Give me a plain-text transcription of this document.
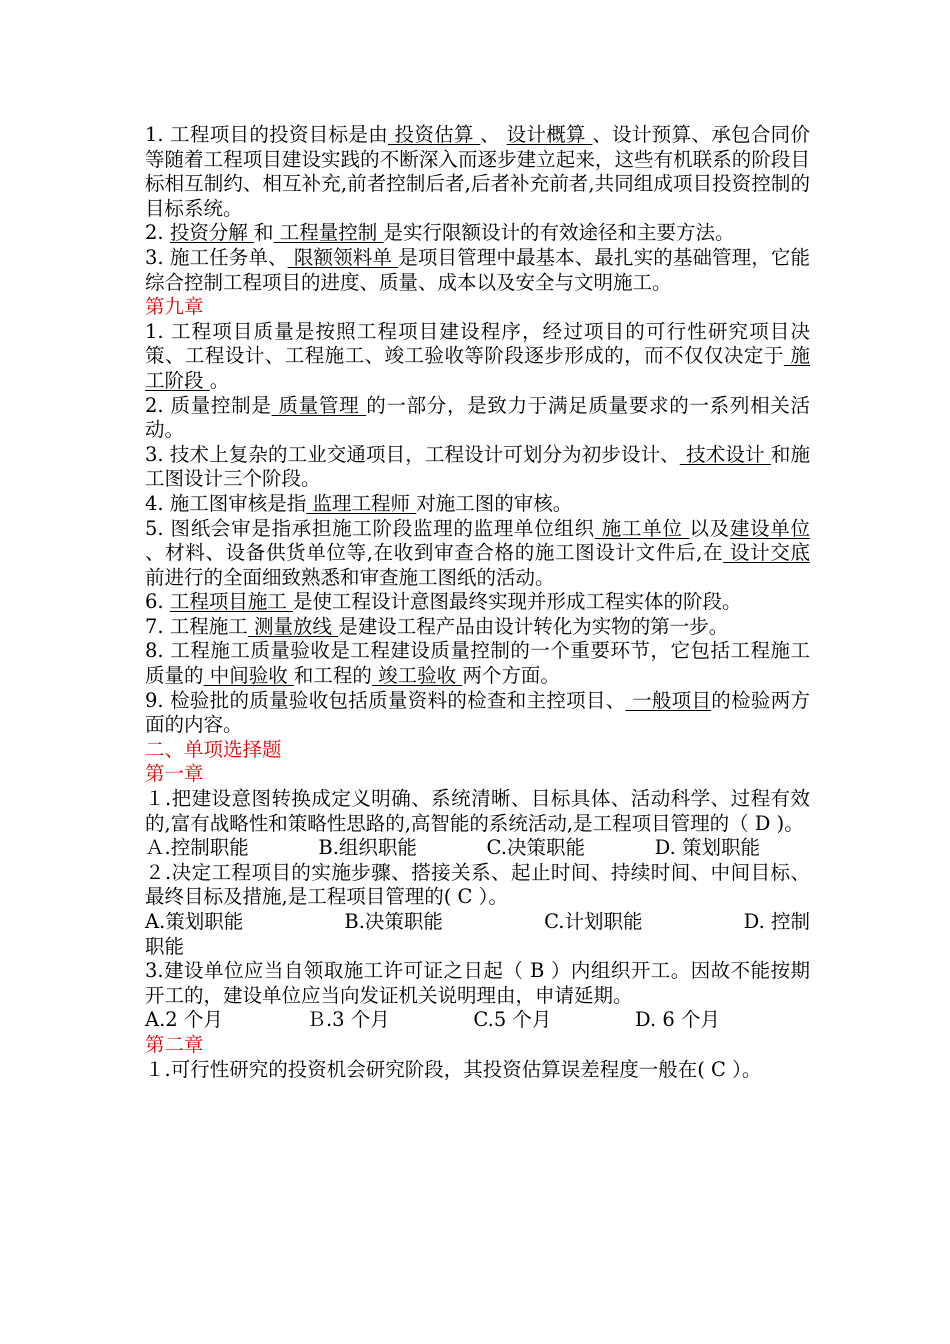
1. 工程项目的投资目标是由 投资估算 、 设计概算 、设计预算、承包合同价等随着工程项目建设实践的不断深入而逐步建立起来，这些有机联系的阶段目标相互制约、相互补充,前者控制后者,后者补充前者,共同组成项目投资控制的目标系统。

2. 投资分解 和 工程量控制 是实行限额设计的有效途径和主要方法。

3. 施工任务单、 限额领料单 是项目管理中最基本、最扎实的基础管理，它能综合控制工程项目的进度、质量、成本以及安全与文明施工。

第九章

1. 工程项目质量是按照工程项目建设程序，经过项目的可行性研究项目决策、工程设计、工程施工、竣工验收等阶段逐步形成的，而不仅仅决定于 施工阶段 。

2. 质量控制是 质量管理 的一部分，是致力于满足质量要求的一系列相关活动。

3. 技术上复杂的工业交通项目，工程设计可划分为初步设计、 技术设计 和施工图设计三个阶段。

4. 施工图审核是指 监理工程师 对施工图的审核。

5. 图纸会审是指承担施工阶段监理的监理单位组织 施工单位 以及建设单位 、材料、设备供货单位等,在收到审查合格的施工图设计文件后,在 设计交底 前进行的全面细致熟悉和审查施工图纸的活动。

6. 工程项目施工 是使工程设计意图最终实现并形成工程实体的阶段。

7. 工程施工 测量放线 是建设工程产品由设计转化为实物的第一步。

8. 工程施工质量验收是工程建设质量控制的一个重要环节，它包括工程施工质量的 中间验收 和工程的 竣工验收 两个方面。

9. 检验批的质量验收包括质量资料的检查和主控项目、 一般项目的检验两方面的内容。

二、单项选择题

第一章

１.把建设意图转换成定义明确、系统清晰、目标具体、活动科学、过程有效的,富有战略性和策略性思路的,高智能的系统活动,是工程项目管理的（ D )。

Ａ.控制职能	B.组织职能	C.决策职能	D. 策划职能

２.决定工程项目的实施步骤、搭接关系、起止时间、持续时间、中间目标、最终目标及措施,是工程项目管理的( C ）。

A.策划职能	B.决策职能	C.计划职能	D. 控制

职能

3.建设单位应当自领取施工许可证之日起（ B ）内组织开工。因故不能按期开工的，建设单位应当向发证机关说明理由，申请延期。

A.2 个月	Ｂ.3 个月	C.5 个月	D. 6 个月

第二章

１.可行性研究的投资机会研究阶段，其投资估算误差程度一般在( C ）。
